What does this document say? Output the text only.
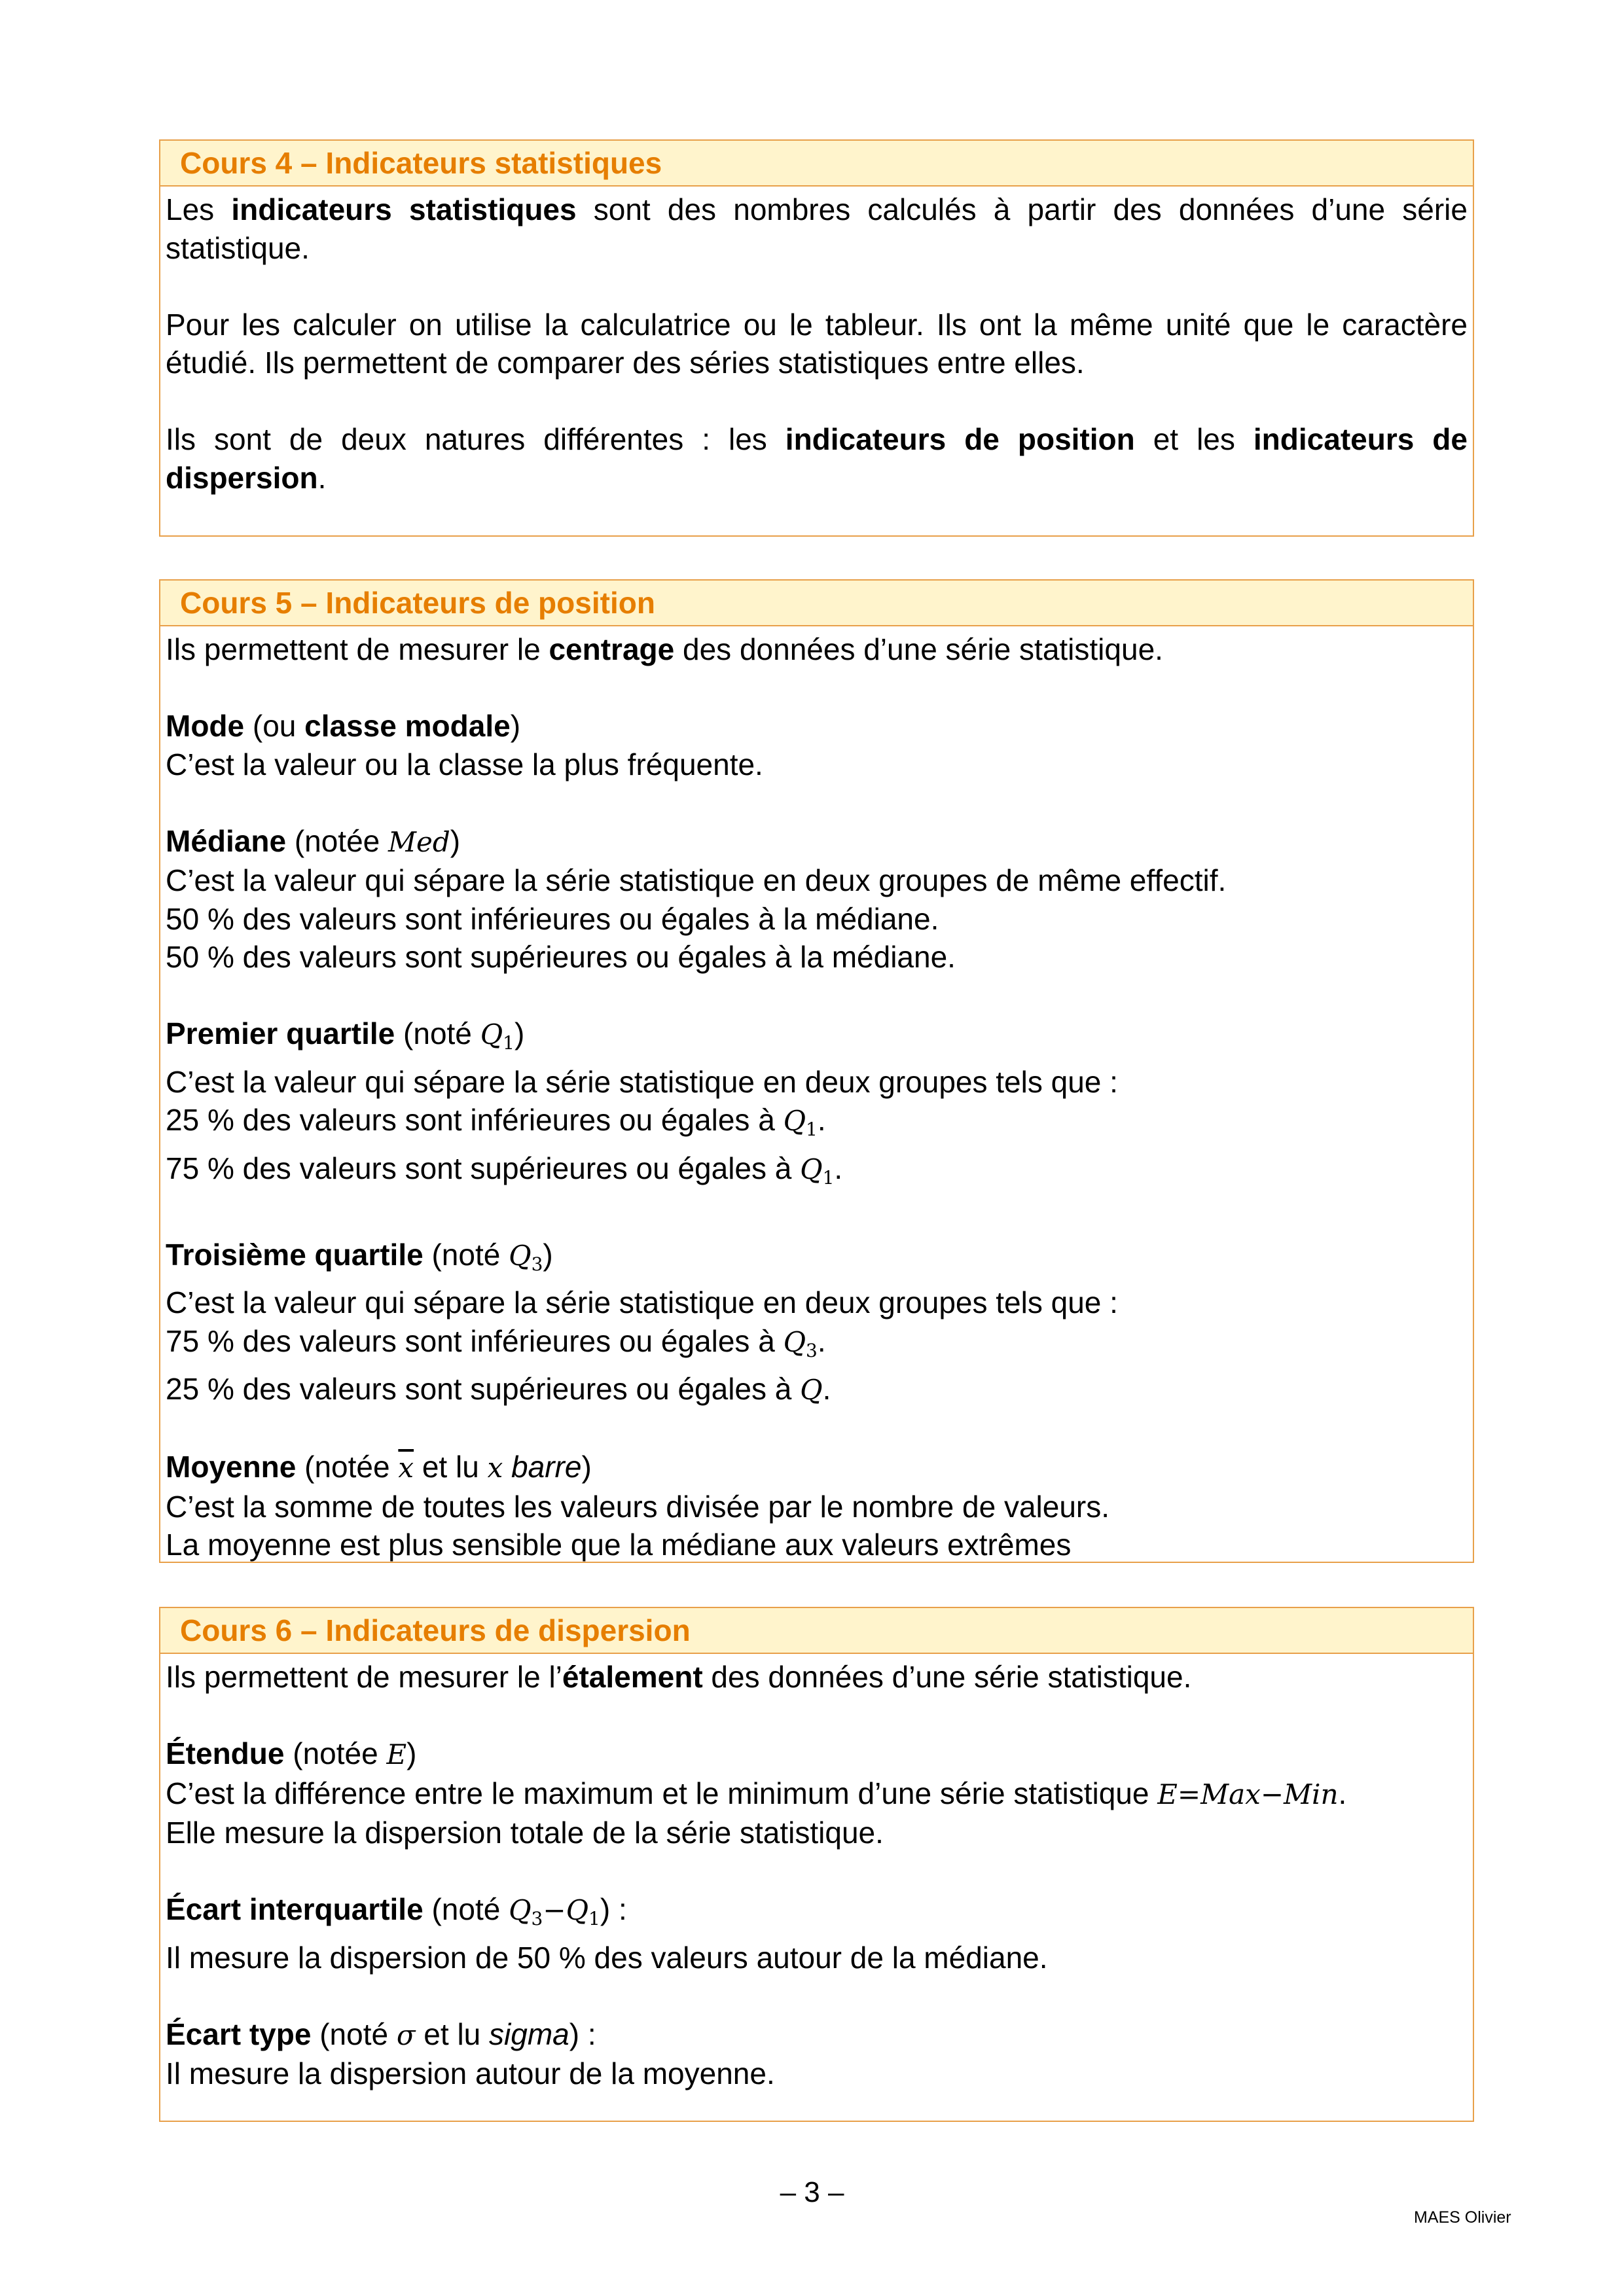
Cours 4 – Indicateurs statistiques

Les indicateurs statistiques sont des nombres calculés à partir des données d’une série statistique.

Pour les calculer on utilise la calculatrice ou le tableur. Ils ont la même unité que le caractère étudié. Ils permettent de comparer des séries statistiques entre elles.

Ils sont de deux natures différentes : les indicateurs de position et les indicateurs de dispersion.

Cours 5 – Indicateurs de position

Ils permettent de mesurer le centrage des données d’une série statistique.

Mode (ou classe modale)

C’est la valeur ou la classe la plus fréquente.

Médiane (notée Med)

C’est la valeur qui sépare la série statistique en deux groupes de même effectif.

50 % des valeurs sont inférieures ou égales à la médiane.

50 % des valeurs sont supérieures ou égales à la médiane.

Premier quartile (noté $Q_1$)

C’est la valeur qui sépare la série statistique en deux groupes tels que :

25 % des valeurs sont inférieures ou égales à $Q_1$.

75 % des valeurs sont supérieures ou égales à $Q_1$.

Troisième quartile (noté $Q_3$)

C’est la valeur qui sépare la série statistique en deux groupes tels que :

75 % des valeurs sont inférieures ou égales à $Q_3$.

25 % des valeurs sont supérieures ou égales à Q.

Moyenne (notée $\overline{x}$ et lu x barre)

C’est la somme de toutes les valeurs divisée par le nombre de valeurs.

La moyenne est plus sensible que la médiane aux valeurs extrêmes

Cours 6 – Indicateurs de dispersion

Ils permettent de mesurer le l’étalement des données d’une série statistique.

Étendue (notée E)

C’est la différence entre le maximum et le minimum d’une série statistique E=Max−Min.

Elle mesure la dispersion totale de la série statistique.

Écart interquartile (noté $Q_3-Q_1$) :

Il mesure la dispersion de 50 % des valeurs autour de la médiane.

Écart type (noté σ et lu sigma) :

Il mesure la dispersion autour de la moyenne.

– 3 –
MAES Olivier
